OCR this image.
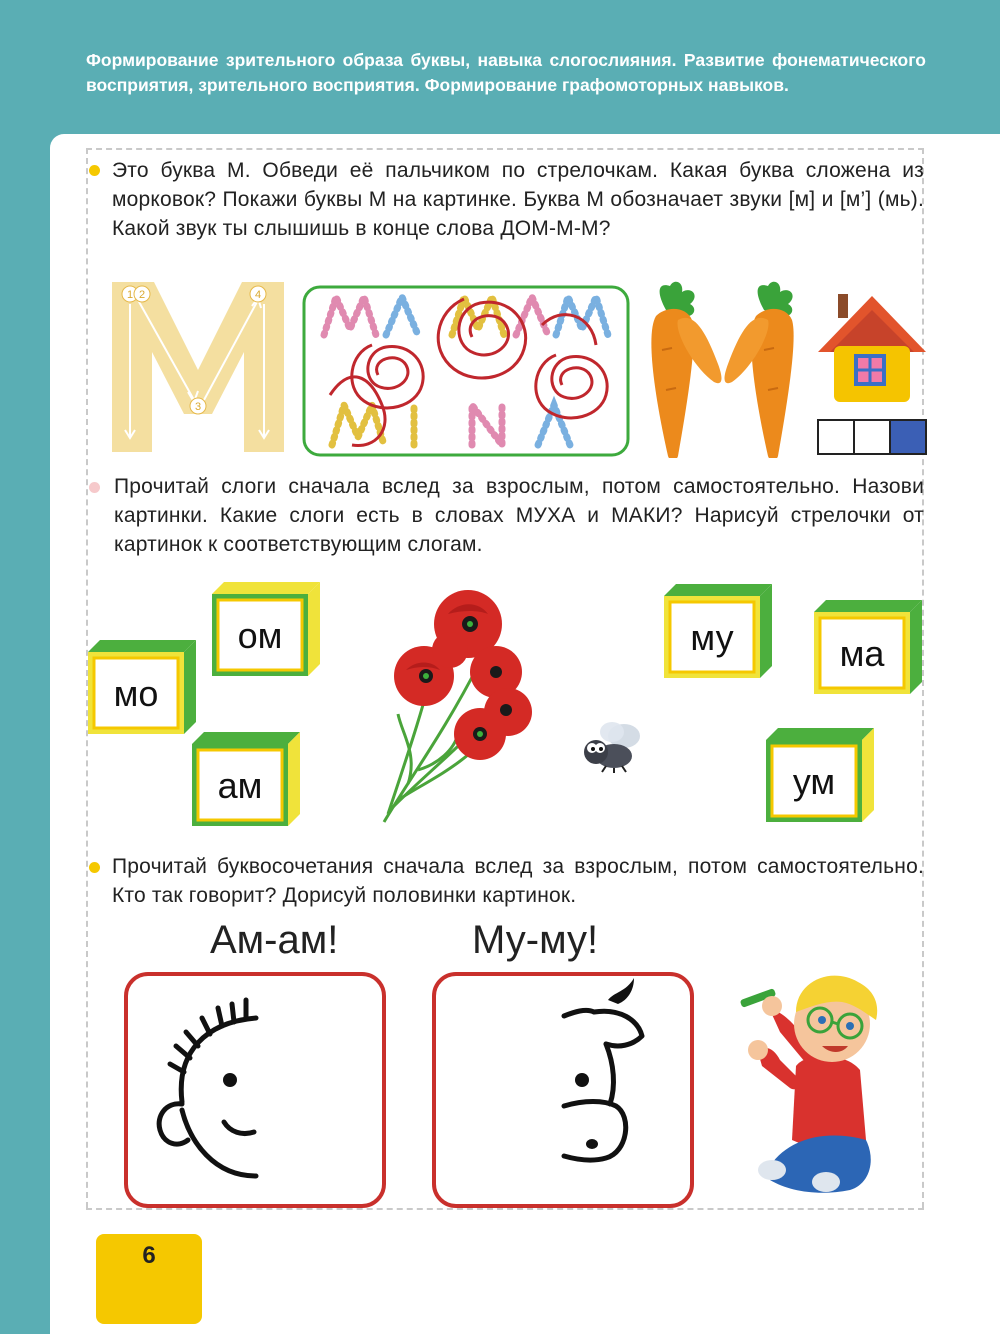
Формирование зрительного образа буквы, навыка слогослияния. Развитие фонематического восприятия, зрительного восприятия. Формирование графомоторных навыков.
Это буква М. Обведи её пальчиком по стрелочкам. Какая буква сложена из морковок? Покажи буквы М на картинке. Буква М обозначает звуки [м] и [м’] (мь). Какой звук ты слышишь в конце слова ДОМ-М-М?
1 2
3
4
Прочитай слоги сначала вслед за взрослым, потом самостоятельно. Назови картинки. Какие слоги есть в словах МУХА и МАКИ? Нарисуй стрелочки от картинок к соответствующим слогам.
ом
мо
ам
му	ма
ум
Прочитай буквосочетания сначала вслед за взрослым, потом самостоятельно. Кто так говорит? Дорисуй половинки картинок.
Ам-ам!	Му-му!
6
